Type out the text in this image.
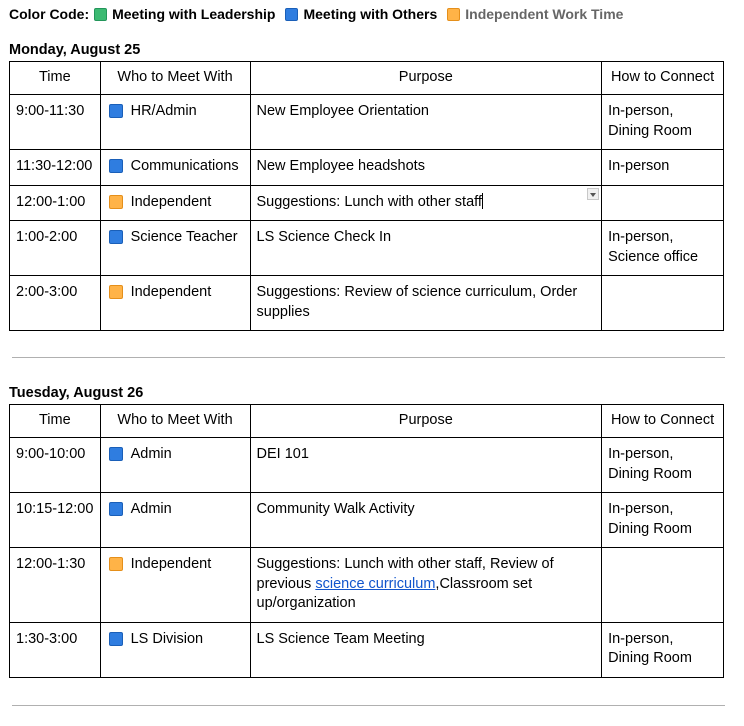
Color Code: Meeting with Leadership Meeting with Others Independent Work Time
Monday, August 25
Time	Who to Meet With	Purpose	How to Connect
9:00-11:30	HR/Admin	New Employee Orientation	In-person, Dining Room
11:30-12:00	Communications	New Employee headshots	In-person
12:00-1:00	Independent	Suggestions: Lunch with other staff

1:00-2:00	Science Teacher	LS Science Check In	In-person, Science office
2:00-3:00	Independent	Suggestions: Review of science curriculum, Order supplies	
Tuesday, August 26
Time	Who to Meet With	Purpose	How to Connect
9:00-10:00	Admin	DEI 101	In-person, Dining Room
10:15-12:00	Admin	Community Walk Activity	In-person, Dining Room
12:00-1:30	Independent	Suggestions: Lunch with other staff, Review of previous science curriculum,Classroom set up/organization	
1:30-3:00	LS Division	LS Science Team Meeting	In-person, Dining Room
